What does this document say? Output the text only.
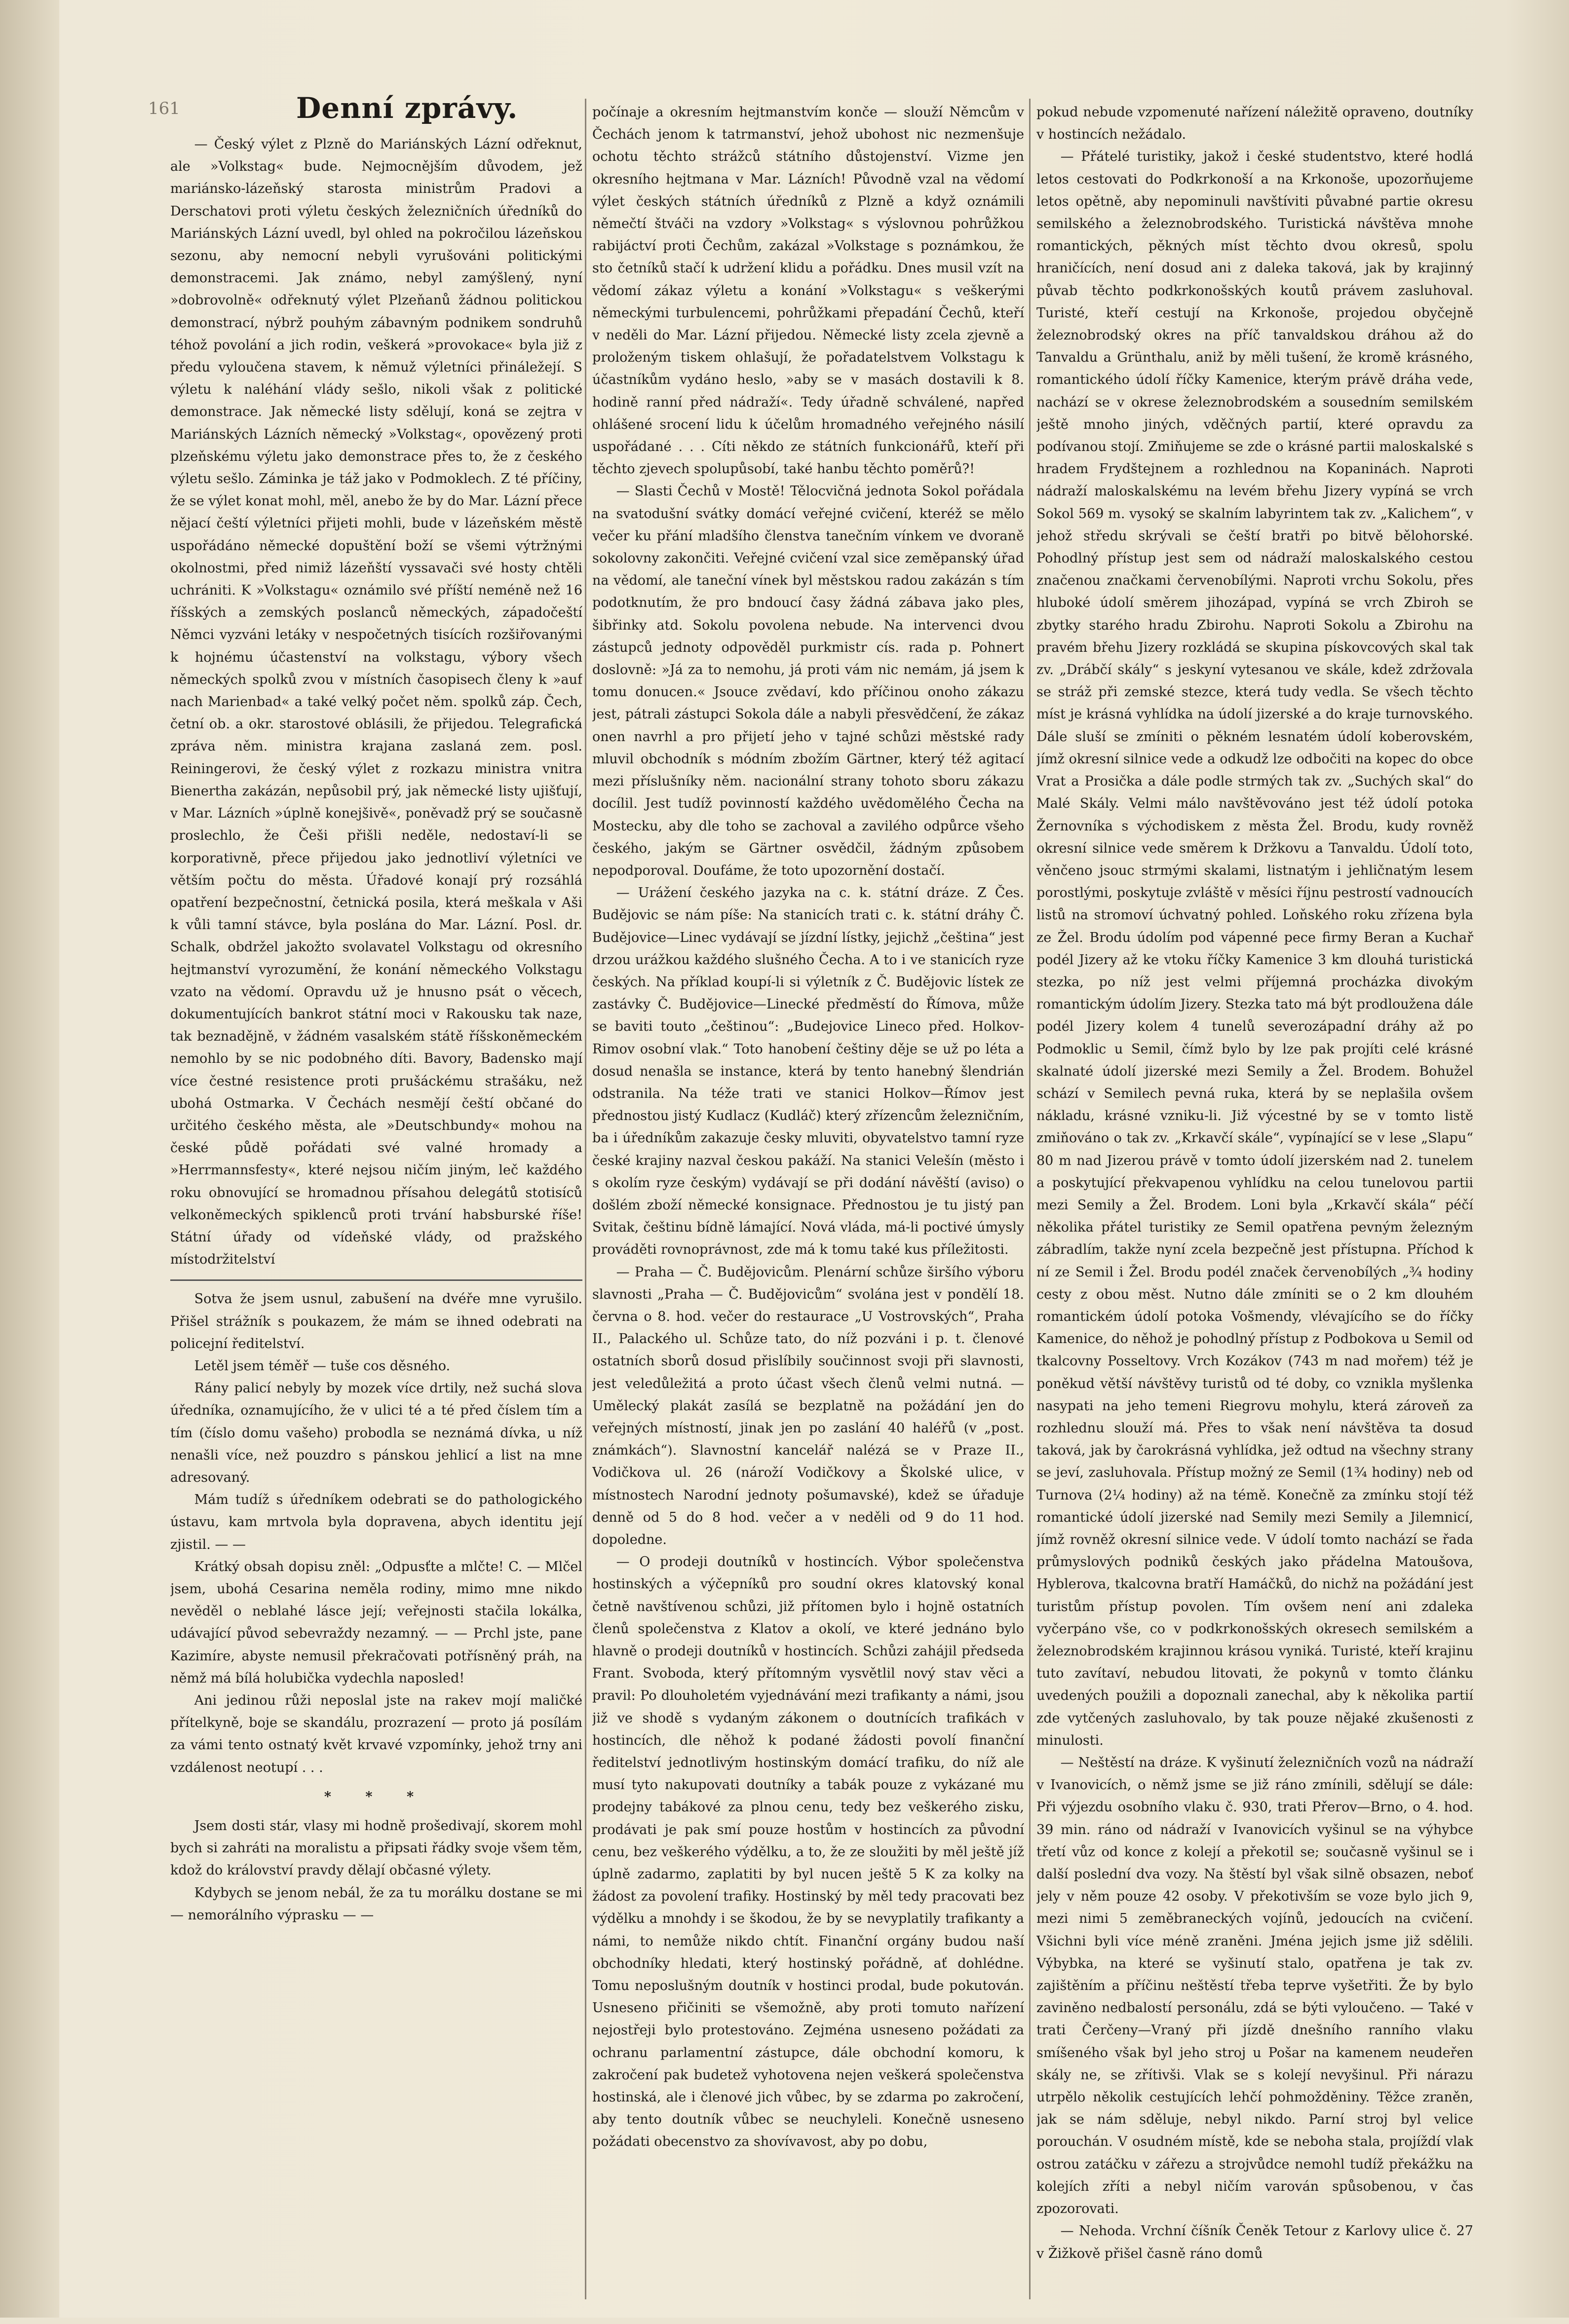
161	Denní zprávy.

— Český výlet z Plzně do Mariánských Lázní odřeknut, ale »Volkstag« bude. Nejmocnějším důvodem, jež mariánsko-lázeňský starosta ministrům Pradovi a Derschatovi proti výletu českých železničních úředníků do Mariánských Lázní uvedl, byl ohled na pokročilou lázeňskou sezonu, aby nemocní nebyli vyrušováni politickými demonstracemi. Jak známo, nebyl zamýšlený, nyní »dobrovolně« odřeknutý výlet Plzeňanů žádnou politickou demonstrací, nýbrž pouhým zábavným podnikem sondruhů téhož povolání a jich rodin, veškerá »provokace« byla již z předu vyloučena stavem, k němuž výletníci přináležejí. S výletu k naléhání vlády sešlo, nikoli však z politické demonstrace. Jak německé listy sdělují, koná se zejtra v Mariánských Lázních německý »Volkstag«, opovězený proti plzeňskému výletu jako demonstrace přes to, že z českého výletu sešlo. Záminka je táž jako v Podmoklech. Z té příčiny, že se výlet konat mohl, měl, anebo že by do Mar. Lázní přece nějací čeští výletníci přijeti mohli, bude v lázeňském městě uspořádáno německé dopuštění boží se všemi výtržnými okolnostmi, před nimiž lázeňští vyssavači své hosty chtěli uchrániti. K »Volkstagu« oznámilo své příští neméně než 16 říšských a zemských poslanců německých, západočeští Němci vyzváni letáky v nespočetných tisících rozšiřovanými k hojnému účastenství na volkstagu, výbory všech německých spolků zvou v místních časopisech členy k »auf nach Marienbad« a také velký počet něm. spolků záp. Čech, četní ob. a okr. starostové oblásili, že přijedou. Telegrafická zpráva něm. ministra krajana zaslaná zem. posl. Reiningerovi, že český výlet z rozkazu ministra vnitra Bienertha zakázán, nepůsobil prý, jak německé listy ujišťují, v Mar. Lázních »úplně konejšivě«, poněvadž prý se současně proslechlo, že Češi přišli neděle, nedostaví-li se korporativně, přece přijedou jako jednotliví výletníci ve větším počtu do města. Úřadové konají prý rozsáhlá opatření bezpečnostní, četnická posila, která meškala v Aši k vůli tamní stávce, byla poslána do Mar. Lázní. Posl. dr. Schalk, obdržel jakožto svolavatel Volkstagu od okresního hejtmanství vyrozumění, že konání německého Volkstagu vzato na vědomí. Opravdu už je hnusno psát o věcech, dokumentujících bankrot státní moci v Rakousku tak naze, tak beznadějně, v žádném vasalském státě říšskoněmeckém nemohlo by se nic podobného díti. Bavory, Badensko mají více čestné resistence proti prušáckému strašáku, než ubohá Ostmarka. V Čechách nesmějí čeští občané do určitého českého města, ale »Deutschbundy« mohou na české půdě pořádati své valné hromady a »Herrmannsfesty«, které nejsou ničím jiným, leč každého roku obnovující se hromadnou přísahou delegátů stotisíců velkoněmeckých spiklenců proti trvání habsburské říše! Státní úřady od vídeňské vlády, od pražského místodržitelství

Sotva že jsem usnul, zabušení na dvéře mne vyrušilo. Přišel strážník s poukazem, že mám se ihned odebrati na policejní ředitelství.

Letěl jsem téměř — tuše cos děsného.

Rány palicí nebyly by mozek více drtily, než suchá slova úředníka, oznamujícího, že v ulici té a té před číslem tím a tím (číslo domu vašeho) probodla se neznámá dívka, u níž nenašli více, než pouzdro s pánskou jehlicí a list na mne adresovaný.

Mám tudíž s úředníkem odebrati se do pathologického ústavu, kam mrtvola byla dopravena, abych identitu její zjistil. — —

Krátký obsah dopisu zněl: „Odpusťte a mlčte! C. — Mlčel jsem, ubohá Cesarina neměla rodiny, mimo mne nikdo nevěděl o neblahé lásce její; veřejnosti stačila lokálka, udávající původ sebevraždy nezamný. — — Prchl jste, pane Kazimíre, abyste nemusil překračovati potřísněný práh, na němž má bílá holubička vydechla naposled!

Ani jedinou růži neposlal jste na rakev mojí maličké přítelkyně, boje se skandálu, prozrazení — proto já posílám za vámi tento ostnatý květ krvavé vzpomínky, jehož trny ani vzdálenost neotupí . . .

* * *

Jsem dosti stár, vlasy mi hodně prošedivají, skorem mohl bych si zahráti na moralistu a připsati řádky svoje všem těm, kdož do království pravdy dělají občasné výlety.

Kdybych se jenom nebál, že za tu morálku dostane se mi — nemorálního výprasku — —

počínaje a okresním hejtmanstvím konče — slouží Němcům v Čechách jenom k tatrmanství, jehož ubohost nic nezmenšuje ochotu těchto strážců státního důstojenství. Vizme jen okresního hejtmana v Mar. Lázních! Původně vzal na vědomí výlet českých státních úředníků z Plzně a když oznámili němečtí štváči na vzdory »Volkstag« s výslovnou pohrůžkou rabijáctví proti Čechům, zakázal »Volkstage s poznámkou, že sto četníků stačí k udržení klidu a pořádku. Dnes musil vzít na vědomí zákaz výletu a konání »Volkstagu« s veškerými německými turbulencemi, pohrůžkami přepadání Čechů, kteří v neděli do Mar. Lázní přijedou. Německé listy zcela zjevně a proloženým tiskem ohlašují, že pořadatelstvem Volkstagu k účastníkům vydáno heslo, »aby se v masách dostavili k 8. hodině ranní před nádraží«. Tedy úřadně schválené, napřed ohlášené srocení lidu k účelům hromadného veřejného násilí uspořádané . . . Cíti někdo ze státních funkcionářů, kteří při těchto zjevech spolupůsobí, také hanbu těchto poměrů?!

— Slasti Čechů v Mostě! Tělocvičná jednota Sokol pořádala na svatodušní svátky domácí veřejné cvičení, kteréž se mělo večer ku přání mladšího členstva tanečním vínkem ve dvoraně sokolovny zakončiti. Veřejné cvičení vzal sice zeměpanský úřad na vědomí, ale taneční vínek byl městskou radou zakázán s tím podotknutím, že pro bndoucí časy žádná zábava jako ples, šibřinky atd. Sokolu povolena nebude. Na intervenci dvou zástupců jednoty odpověděl purkmistr cís. rada p. Pohnert doslovně: »Já za to nemohu, já proti vám nic nemám, já jsem k tomu donucen.« Jsouce zvědaví, kdo příčinou onoho zákazu jest, pátrali zástupci Sokola dále a nabyli přesvědčení, že zákaz onen navrhl a pro přijetí jeho v tajné schůzi městské rady mluvil obchodník s módním zbožím Gärtner, který též agitací mezi příslušníky něm. nacionální strany tohoto sboru zákazu docílil. Jest tudíž povinností každého uvědomělého Čecha na Mostecku, aby dle toho se zachoval a zavilého odpůrce všeho českého, jakým se Gärtner osvědčil, žádným způsobem nepodporoval. Doufáme, že toto upozornění dostačí.

— Urážení českého jazyka na c. k. státní dráze. Z Čes. Budějovic se nám píše: Na stanicích trati c. k. státní dráhy Č. Budějovice—Linec vydávají se jízdní lístky, jejichž „čeština“ jest drzou urážkou každého slušného Čecha. A to i ve stanicích ryze českých. Na příklad koupí-li si výletník z Č. Budějovic lístek ze zastávky Č. Budějovice—Linecké předměstí do Římova, může se baviti touto „češtinou“: „Budejovice Lineco před. Holkov-Rimov osobní vlak.“ Toto hanobení češtiny děje se už po léta a dosud nenašla se instance, která by tento hanebný šlendrián odstranila. Na téže trati ve stanici Holkov—Římov jest přednostou jistý Kudlacz (Kudláč) který zřízencům železničním, ba i úředníkům zakazuje česky mluviti, obyvatelstvo tamní ryze české krajiny nazval českou pakáží. Na stanici Velešín (město i s okolím ryze českým) vydávají se při dodání návěští (aviso) o došlém zboží německé konsignace. Přednostou je tu jistý pan Svitak, češtinu bídně lámající. Nová vláda, má-li poctivé úmysly prováděti rovnoprávnost, zde má k tomu také kus příležitosti.

— Praha — Č. Budějovicům. Plenární schůze širšího výboru slavnosti „Praha — Č. Budějovicům“ svolána jest v pondělí 18. června o 8. hod. večer do restaurace „U Vostrovských“, Praha II., Palackého ul. Schůze tato, do níž pozváni i p. t. členové ostatních sborů dosud přislíbily součinnost svoji při slavnosti, jest veledůležitá a proto účast všech členů velmi nutná. — Umělecký plakát zasílá se bezplatně na požádání jen do veřejných místností, jinak jen po zaslání 40 haléřů (v „post. známkách“). Slavnostní kancelář nalézá se v Praze II., Vodičkova ul. 26 (nároží Vodičkovy a Školské ulice, v místnostech Narodní jednoty pošumavské), kdež se úřaduje denně od 5 do 8 hod. večer a v neděli od 9 do 11 hod. dopoledne.

— O prodeji doutníků v hostincích. Výbor společenstva hostinských a výčepníků pro soudní okres klatovský konal četně navštívenou schůzi, již přítomen bylo i hojně ostatních členů společenstva z Klatov a okolí, ve které jednáno bylo hlavně o prodeji doutníků v hostincích. Schůzi zahájil předseda Frant. Svoboda, který přítomným vysvětlil nový stav věci a pravil: Po dlouholetém vyjednávání mezi trafikanty a námi, jsou již ve shodě s vydaným zákonem o doutnících trafikách v hostincích, dle něhož k podané žádosti povolí finanční ředitelství jednotlivým hostinským domácí trafiku, do níž ale musí tyto nakupovati doutníky a tabák pouze z vykázané mu prodejny tabákové za plnou cenu, tedy bez veškerého zisku, prodávati je pak smí pouze hostům v hostincích za původní cenu, bez veškerého výdělku, a to, že ze sloužiti by měl ještě jíž úplně zadarmo, zaplatiti by byl nucen ještě 5 K za kolky na žádost za povolení trafiky. Hostinský by měl tedy pracovati bez výdělku a mnohdy i se škodou, že by se nevyplatily trafikanty a námi, to nemůže nikdo chtít. Finanční orgány budou naší obchodníky hledati, který hostinský pořádně, ať dohlédne. Tomu neposlušným doutník v hostinci prodal, bude pokutován. Usneseno přičiniti se všemožně, aby proti tomuto nařízení nejostřeji bylo protestováno. Zejména usneseno požádati za ochranu parlamentní zástupce, dále obchodní komoru, k zakročení pak budetež vyhotovena nejen veškerá společenstva hostinská, ale i členové jich vůbec, by se zdarma po zakročení, aby tento doutník vůbec se neuchyleli. Konečně usneseno požádati obecenstvo za shovívavost, aby po dobu,

pokud nebude vzpomenuté nařízení náležitě opraveno, doutníky v hostincích nežádalo.

— Přátelé turistiky, jakož i české studentstvo, které hodlá letos cestovati do Podkrkonoší a na Krkonoše, upozorňujeme letos opětně, aby nepominuli navštíviti půvabné partie okresu semilského a železnobrodského. Turistická návštěva mnohe romantických, pěkných míst těchto dvou okresů, spolu hraničících, není dosud ani z daleka taková, jak by krajinný půvab těchto podkrkonošských koutů právem zasluhoval. Turisté, kteří cestují na Krkonoše, projedou obyčejně železnobrodský okres na příč tanvaldskou dráhou až do Tanvaldu a Grünthalu, aniž by měli tušení, že kromě krásného, romantického údolí říčky Kamenice, kterým právě dráha vede, nachází se v okrese železnobrodském a sousedním semilském ještě mnoho jiných, vděčných partií, které opravdu za podívanou stojí. Zmiňujeme se zde o krásné partii maloskalské s hradem Frydštejnem a rozhlednou na Kopaninách. Naproti nádraží maloskalskému na levém břehu Jizery vypíná se vrch Sokol 569 m. vysoký se skalním labyrintem tak zv. „Kalichem“, v jehož středu skrývali se čeští bratři po bitvě bělohorské. Pohodlný přístup jest sem od nádraží maloskalského cestou značenou značkami červenobílými. Naproti vrchu Sokolu, přes hluboké údolí směrem jihozápad, vypíná se vrch Zbiroh se zbytky starého hradu Zbirohu. Naproti Sokolu a Zbirohu na pravém břehu Jizery rozkládá se skupina pískovcových skal tak zv. „Drábčí skály“ s jeskyní vytesanou ve skále, kdež zdržovala se stráž při zemské stezce, která tudy vedla. Se všech těchto míst je krásná vyhlídka na údolí jizerské a do kraje turnovského. Dále sluší se zmíniti o pěkném lesnatém údolí koberovském, jímž okresní silnice vede a odkudž lze odbočiti na kopec do obce Vrat a Prosička a dále podle strmých tak zv. „Suchých skal“ do Malé Skály. Velmi málo navštěvováno jest též údolí potoka Žernovníka s východiskem z města Žel. Brodu, kudy rovněž okresní silnice vede směrem k Držkovu a Tanvaldu. Údolí toto, věnčeno jsouc strmými skalami, listnatým i jehličnatým lesem porostlými, poskytuje zvláště v měsíci říjnu pestrostí vadnoucích listů na stromoví úchvatný pohled. Loňského roku zřízena byla ze Žel. Brodu údolím pod vápenné pece firmy Beran a Kuchař podél Jizery až ke vtoku říčky Kamenice 3 km dlouhá turistická stezka, po níž jest velmi příjemná procházka divokým romantickým údolím Jizery. Stezka tato má být prodloužena dále podél Jizery kolem 4 tunelů severozápadní dráhy až po Podmoklic u Semil, čímž bylo by lze pak projíti celé krásné skalnaté údolí jizerské mezi Semily a Žel. Brodem. Bohužel schází v Semilech pevná ruka, která by se neplašila ovšem nákladu, krásné vzniku-li. Již výcestné by se v tomto listě zmiňováno o tak zv. „Krkavčí skále“, vypínající se v lese „Slapu“ 80 m nad Jizerou právě v tomto údolí jizerském nad 2. tunelem a poskytující překvapenou vyhlídku na celou tunelovou partii mezi Semily a Žel. Brodem. Loni byla „Krkavčí skála“ péčí několika přátel turistiky ze Semil opatřena pevným železným zábradlím, takže nyní zcela bezpečně jest přístupna. Příchod k ní ze Semil i Žel. Brodu podél značek červenobílých „¾ hodiny cesty z obou měst. Nutno dále zmíniti se o 2 km dlouhém romantickém údolí potoka Vošmendy, vlévajícího se do říčky Kamenice, do něhož je pohodlný přístup z Podbokova u Semil od tkalcovny Posseltovy. Vrch Kozákov (743 m nad mořem) též je poněkud větší návštěvy turistů od té doby, co vznikla myšlenka nasypati na jeho temeni Riegrovu mohylu, která zároveň za rozhlednu slouží má. Přes to však není návštěva ta dosud taková, jak by čarokrásná vyhlídka, jež odtud na všechny strany se jeví, zasluhovala. Přístup možný ze Semil (1¾ hodiny) neb od Turnova (2¼ hodiny) až na témě. Konečně za zmínku stojí též romantické údolí jizerské nad Semily mezi Semily a Jilemnicí, jímž rovněž okresní silnice vede. V údolí tomto nachází se řada průmyslových podniků českých jako přádelna Matoušova, Hyblerova, tkalcovna bratří Hamáčků, do nichž na požádání jest turistům přístup povolen. Tím ovšem není ani zdaleka vyčerpáno vše, co v podkrkonošských okresech semilském a železnobrodském krajinnou krásou vyniká. Turisté, kteří krajinu tuto zavítaví, nebudou litovati, že pokynů v tomto článku uvedených použili a dopoznali zanechal, aby k několika partií zde vytčených zasluhovalo, by tak pouze nějaké zkušenosti z minulosti.

— Neštěstí na dráze. K vyšinutí železničních vozů na nádraží v Ivanovicích, o němž jsme se již ráno zmínili, sdělují se dále: Při výjezdu osobního vlaku č. 930, trati Přerov—Brno, o 4. hod. 39 min. ráno od nádraží v Ivanovicích vyšinul se na výhybce třetí vůz od konce z kolejí a překotil se; současně vyšinul se i další poslední dva vozy. Na štěstí byl však silně obsazen, neboť jely v něm pouze 42 osoby. V překotivším se voze bylo jich 9, mezi nimi 5 zeměbraneckých vojínů, jedoucích na cvičení. Všichni byli více méně zraněni. Jména jejich jsme již sdělili. Výbybka, na které se vyšinutí stalo, opatřena je tak zv. zajištěním a příčinu neštěstí třeba teprve vyšetřiti. Že by bylo zaviněno nedbalostí personálu, zdá se býti vyloučeno. — Také v trati Čerčeny—Vraný při jízdě dnešního ranního vlaku smíšeného však byl jeho stroj u Pošar na kamenem neudeřen skály ne, se zřítivši. Vlak se s kolejí nevyšinul. Při nárazu utrpělo několik cestujících lehčí pohmožděniny. Těžce zraněn, jak se nám sděluje, nebyl nikdo. Parní stroj byl velice porouchán. V osudném místě, kde se neboha stala, projíždí vlak ostrou zatáčku v zářezu a strojvůdce nemohl tudíž překážku na kolejích zříti a nebyl ničím varován spůsobenou, v čas zpozorovati.

— Nehoda. Vrchní číšník Čeněk Tetour z Karlovy ulice č. 27 v Žižkově přišel časně ráno domů
